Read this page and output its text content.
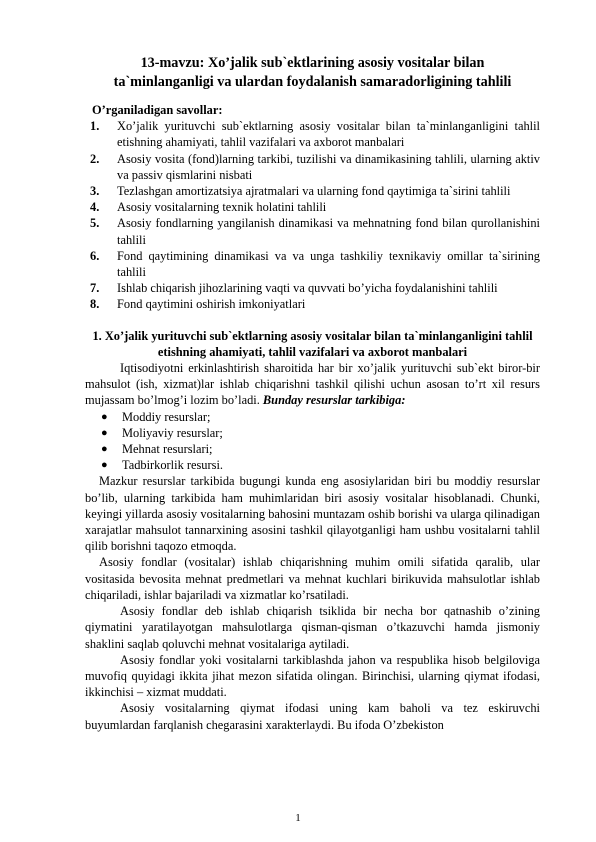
13-mavzu: Xo’jalik sub`ektlarining asosiy vositalar bilan
ta`minlanganligi va ulardan foydalanish samaradorligining tahlili
O’rganiladigan savollar:
1. Xo’jalik yurituvchi sub`ektlarning asosiy vositalar bilan ta`minlanganligini tahlil etishning ahamiyati, tahlil vazifalari va axborot manbalari
2. Asosiy vosita (fond)larning tarkibi, tuzilishi va dinamikasining tahlili, ularning aktiv va passiv qismlarini nisbati
3. Tezlashgan amortizatsiya ajratmalari va ularning fond qaytimiga ta`sirini tahlili
4. Asosiy vositalarning texnik holatini tahlili
5. Asosiy fondlarning yangilanish dinamikasi va mehnatning fond bilan qurollanishini tahlili
6. Fond qaytimining dinamikasi va va unga tashkiliy texnikaviy omillar ta`sirining tahlili
7. Ishlab chiqarish jihozlarining vaqti va quvvati bo’yicha foydalanishini tahlili
8. Fond qaytimini oshirish imkoniyatlari
1. Xo’jalik yurituvchi sub`ektlarning asosiy vositalar bilan ta`minlanganligini tahlil etishning ahamiyati, tahlil vazifalari va axborot manbalari

Iqtisodiyotni erkinlashtirish sharoitida har bir xo’jalik yurituvchi sub`ekt biror-bir mahsulot (ish, xizmat)lar ishlab chiqarishni tashkil qilishi uchun asosan to’rt xil resurs mujassam bo’lmog’i lozim bo’ladi. Bunday resurslar tarkibiga:

● Moddiy resurslar;
● Moliyaviy resurslar;
● Mehnat resurslari;
● Tadbirkorlik resursi.

Mazkur resurslar tarkibida bugungi kunda eng asosiylaridan biri bu moddiy resurslar bo’lib, ularning tarkibida ham muhimlaridan biri asosiy vositalar hisoblanadi. Chunki, keyingi yillarda asosiy vositalarning bahosini muntazam oshib borishi va ularga qilinadigan xarajatlar mahsulot tannarxining asosini tashkil qilayotganligi ham ushbu vositalarni tahlil qilib borishni taqozo etmoqda.

Asosiy fondlar (vositalar) ishlab chiqarishning muhim omili sifatida qaralib, ular vositasida bevosita mehnat predmetlari va mehnat kuchlari birikuvida mahsulotlar ishlab chiqariladi, ishlar bajariladi va xizmatlar ko’rsatiladi.

Asosiy fondlar deb ishlab chiqarish tsiklida bir necha bor qatnashib o’zining qiymatini yaratilayotgan mahsulotlarga qisman-qisman o’tkazuvchi hamda jismoniy shaklini saqlab qoluvchi mehnat vositalariga aytiladi.

Asosiy fondlar yoki vositalarni tarkiblashda jahon va respublika hisob belgiloviga muvofiq quyidagi ikkita jihat mezon sifatida olingan. Birinchisi, ularning qiymat ifodasi, ikkinchisi – xizmat muddati.

Asosiy vositalarning qiymat ifodasi uning kam baholi va tez eskiruvchi buyumlardan farqlanish chegarasini xarakterlaydi. Bu ifoda O’zbekiston

1
